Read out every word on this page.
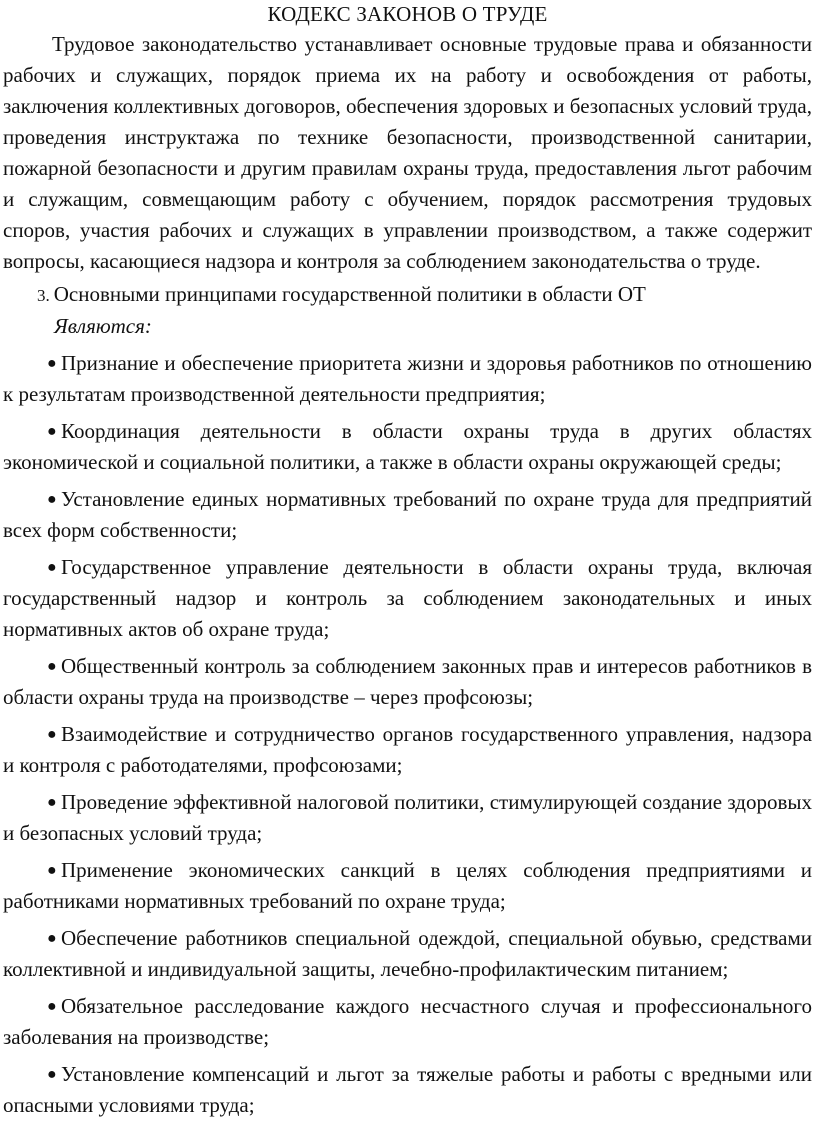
КОДЕКС ЗАКОНОВ О ТРУДЕ

Трудовое законодательство устанавливает основные трудовые права и обязанности рабочих и служащих, порядок приема их на работу и освобождения от работы, заключения коллективных договоров, обеспечения здоровых и безопасных условий труда, проведения инструктажа по технике безопасности, производственной санитарии, пожарной безопасности и другим правилам охраны труда, предоставления льгот рабочим и служащим, совмещающим работу с обучением, порядок рассмотрения трудовых споров, участия рабочих и служащих в управлении производством, а также содержит вопросы, касающиеся надзора и контроля за соблюдением законодательства о труде.

3. Основными принципами государственной политики в области ОТ
Являются:

● Признание и обеспечение приоритета жизни и здоровья работников по отношению к результатам производственной деятельности предприятия;

● Координация деятельности в области охраны труда в других областях экономической и социальной политики, а также в области охраны окружающей среды;

● Установление единых нормативных требований по охране труда для предприятий всех форм собственности;

● Государственное управление деятельности в области охраны труда, включая государственный надзор и контроль за соблюдением законодательных и иных нормативных актов об охране труда;

● Общественный контроль за соблюдением законных прав и интересов работников в области охраны труда на производстве – через профсоюзы;

● Взаимодействие и сотрудничество органов государственного управления, надзора и контроля с работодателями, профсоюзами;

● Проведение эффективной налоговой политики, стимулирующей создание здоровых и безопасных условий труда;

● Применение экономических санкций в целях соблюдения предприятиями и работниками нормативных требований по охране труда;

● Обеспечение работников специальной одеждой, специальной обувью, средствами коллективной и индивидуальной защиты, лечебно-профилактическим питанием;

● Обязательное расследование каждого несчастного случая и профессионального заболевания на производстве;

● Установление компенсаций и льгот за тяжелые работы и работы с вредными или опасными условиями труда;
